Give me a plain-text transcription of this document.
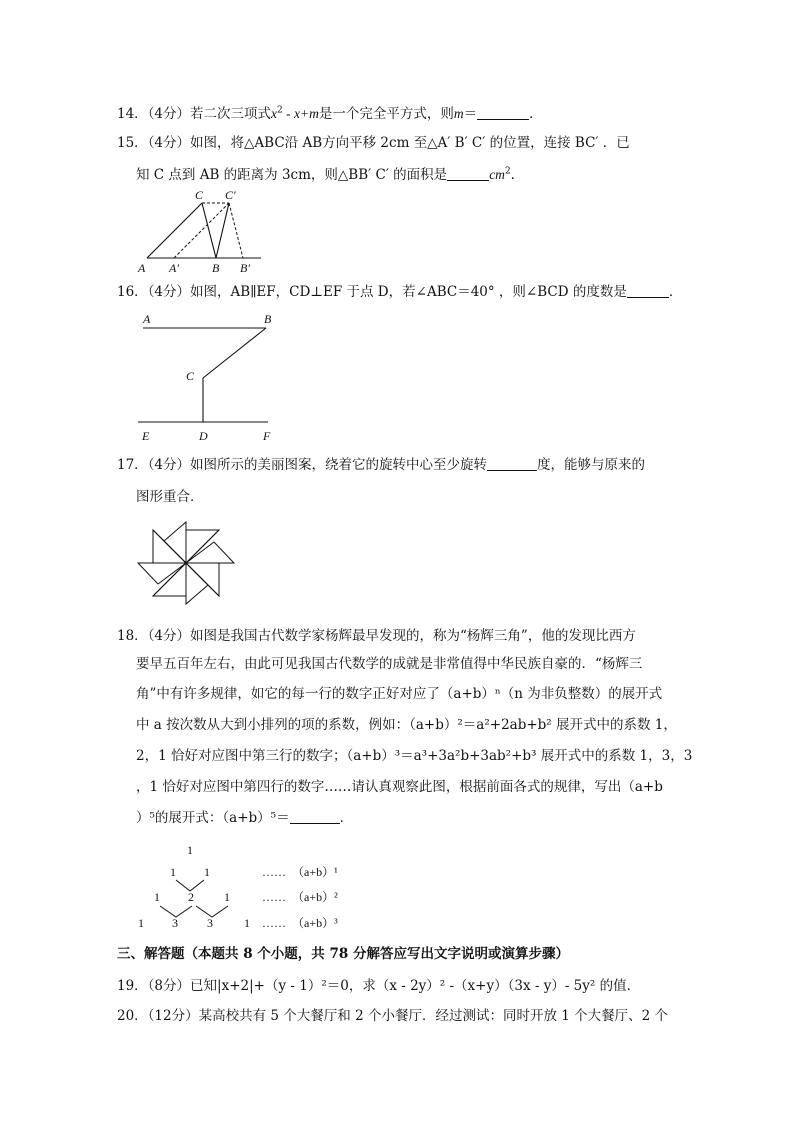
14．（4分）若二次三项式$x^2 - x+m$是一个完全平方式，则m＝	．
15．（4分）如图，将△ABC沿 AB方向平移 2cm 至△A′ B′ C′ 的位置，连接 BC′ ．已
知 C 点到 AB 的距离为 3cm，则△BB′ C′ 的面积是	$cm^2$．
C C′
A A′	B B′
16．（4分）如图，AB∥EF，CD⊥EF 于点 D，若∠ABC＝40° ，则∠BCD 的度数是	．
A	B
C
E	D	F
17．（4分）如图所示的美丽图案，绕着它的旋转中心至少旋转	度，能够与原来的
图形重合．
18．（4分）如图是我国古代数学家杨辉最早发现的，称为“杨辉三角”，他的发现比西方
要早五百年左右，由此可见我国古代数学的成就是非常值得中华民族自豪的．“杨辉三
角”中有许多规律，如它的每一行的数字正好对应了（a+b）ⁿ（n 为非负整数）的展开式
中 a 按次数从大到小排列的项的系数，例如：（a+b）²＝a²+2ab+b² 展开式中的系数 1，
2，1 恰好对应图中第三行的数字；（a+b）³＝a³+3a²b+3ab²+b³ 展开式中的系数 1，3，3
，1 恰好对应图中第四行的数字……请认真观察此图，根据前面各式的规律，写出（a+b
）⁵的展开式：（a+b）⁵＝	．
1
1 1
1 2	1
1 3 3	1
……
……
……
（a+b）¹
（a+b）²
（a+b）³
三、解答题（本题共 8 个小题，共 78 分解答应写出文字说明或演算步骤）
19．（8分）已知|x+2|+（y - 1）²＝0，求（x - 2y）² -（x+y）（3x - y）- 5y² 的值．
20．（12分）某高校共有 5 个大餐厅和 2 个小餐厅．经过测试：同时开放 1 个大餐厅、2 个
